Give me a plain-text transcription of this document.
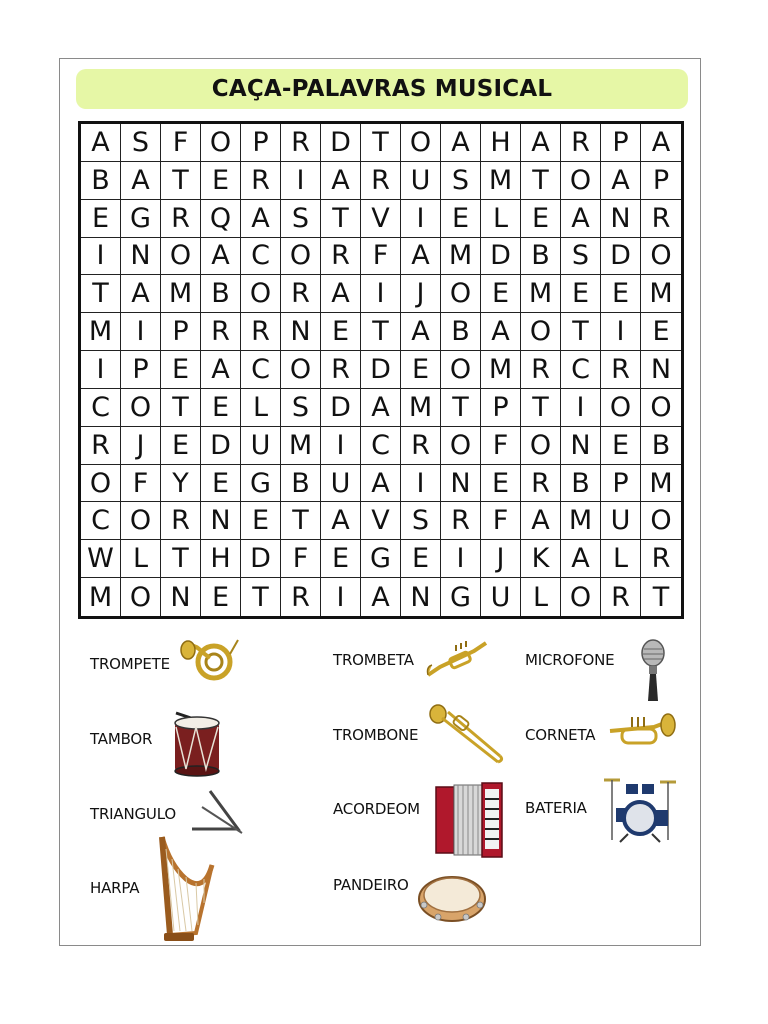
CAÇA-PALAVRAS MUSICAL
A S F O P R D T O A H A R P A
B A T E R I A R U S M T O A P
E G R Q A S T V I	E L E A N R
I N O A C O R F A M D B S D O
T A M B O R A I	J O E M E E M
M I	P R R N E T A B A O T	I	E
I	P E A C O R D E O M R C R N
C O T E L S D A M T P T	I O O
R J	E D U M I C R O F O N E B
O F Y E G B U A I N E R B P M
C O R N E T A V S R F A M U O
W L T H D F E G E	I	J	K A L R
M O N E T R I A N G U L O R T
TROMPETE
TAMBOR
TRIANGULO
HARPA
TROMBETA
TROMBONE
ACORDEOM
PANDEIRO
MICROFONE
CORNETA
BATERIA
